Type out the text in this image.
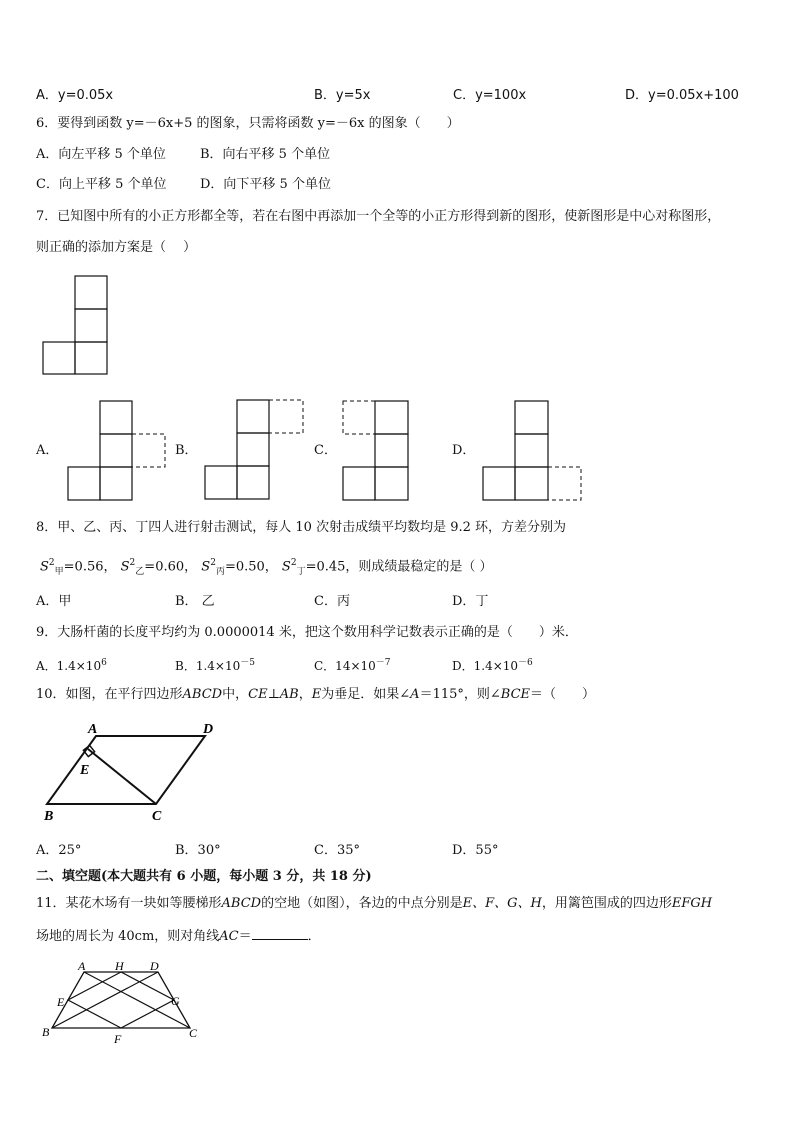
A．y=0.05x	B．y=5x	C．y=100x	D．y=0.05x+100
6．要得到函数 y=－6x+5 的图象，只需将函数 y=－6x 的图象（　　）
A．向左平移 5 个单位	B．向右平移 5 个单位
C．向上平移 5 个单位	D．向下平移 5 个单位
7．已知图中所有的小正方形都全等，若在右图中再添加一个全等的小正方形得到新的图形，使新图形是中心对称图形，
则正确的添加方案是（　 ）
A．	B．	C．	D．
8．甲、乙、丙、丁四人进行射击测试，每人 10 次射击成绩平均数均是 9.2 环，方差分别为
$S^2_甲=0.56$， $S^2_乙=0.60$， $S^2_丙=0.50$， $S^2_丁=0.45$，则成绩最稳定的是（ ）
A．甲	B． 乙	C．丙	D．丁
9．大肠杆菌的长度平均约为 0.0000014 米，把这个数用科学记数表示正确的是（　　）米．
A．$1.4\times 10^6$	B．$1.4\times 10^{-5}$	C．$14\times 10^{-7}$	D．$1.4\times 10^{-6}$
10．如图，在平行四边形ABCD中，CE⊥AB，E为垂足．如果∠A＝115°，则∠BCE＝（　　）
A	D
E
B	C
A．25°	B．30°	C．35°	D．55°
二、填空题(本大题共有 6 小题，每小题 3 分，共 18 分)
11．某花木场有一块如等腰梯形ABCD的空地（如图），各边的中点分别是E、F、G、H，用篱笆围成的四边形EFGH
场地的周长为 40cm，则对角线AC＝	．
A H D
E	G
B	F	C
